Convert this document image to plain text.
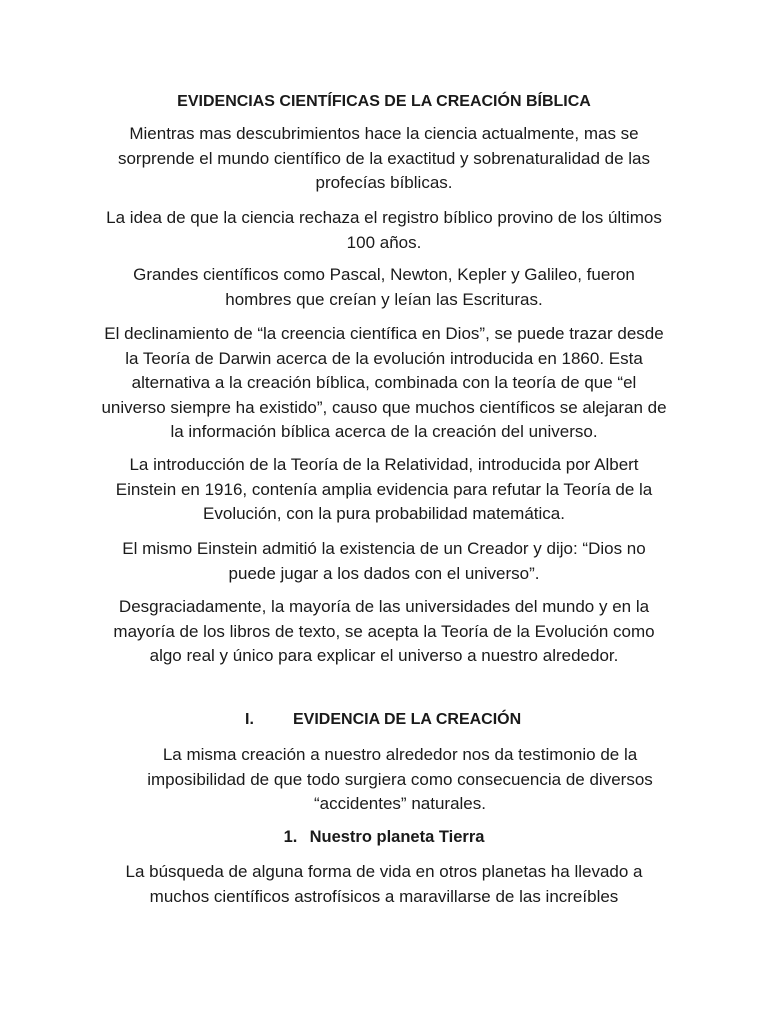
EVIDENCIAS CIENTÍFICAS DE LA CREACIÓN BÍBLICA

Mientras mas descubrimientos hace la ciencia actualmente, mas se sorprende el mundo científico de la exactitud y sobrenaturalidad de las profecías bíblicas.

La idea de que la ciencia rechaza el registro bíblico provino de los últimos 100 años.

Grandes científicos como Pascal, Newton, Kepler y Galileo, fueron hombres que creían y leían las Escrituras.

El declinamiento de “la creencia científica en Dios”, se puede trazar desde la Teoría de Darwin acerca de la evolución introducida en 1860. Esta alternativa a la creación bíblica, combinada con la teoría de que “el universo siempre ha existido”, causo que muchos científicos se alejaran de la información bíblica acerca de la creación del universo.

La introducción de la Teoría de la Relatividad, introducida por Albert Einstein en 1916, contenía amplia evidencia para refutar la Teoría de la Evolución, con la pura probabilidad matemática.

El mismo Einstein admitió la existencia de un Creador y dijo: “Dios no puede jugar a los dados con el universo”.

Desgraciadamente, la mayoría de las universidades del mundo y en la mayoría de los libros de texto, se acepta la Teoría de la Evolución como algo real y único para explicar el universo a nuestro alrededor.

I. EVIDENCIA DE LA CREACIÓN

La misma creación a nuestro alrededor nos da testimonio de la imposibilidad de que todo surgiera como consecuencia de diversos “accidentes” naturales.

1. Nuestro planeta Tierra

La búsqueda de alguna forma de vida en otros planetas ha llevado a muchos científicos astrofísicos a maravillarse de las increíbles
